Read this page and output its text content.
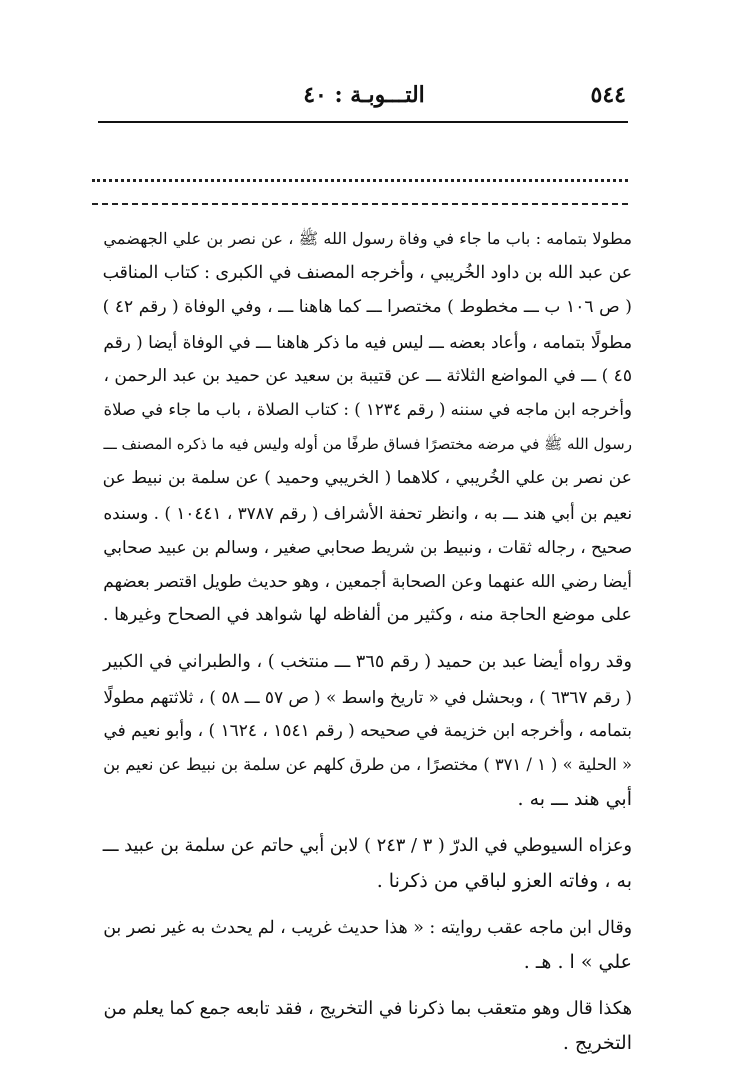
٥٤٤
التـــوبـة : ٤٠

مطولا بتمامه : باب ما جاء في وفاة رسول الله ﷺ ، عن نصر بن علي الجهضمي
عن عبد الله بن داود الخُريبي ، وأخرجه المصنف في الكبرى : كتاب المناقب
( ص ١٠٦ ب ـــ مخطوط ) مختصرا ـــ كما هاهنا ـــ ، وفي الوفاة ( رقم ٤٢ )
مطولًا بتمامه ، وأعاد بعضه ـــ ليس فيه ما ذكر هاهنا ـــ في الوفاة أيضا ( رقم
٤٥ ) ـــ في المواضع الثلاثة ـــ عن قتيبة بن سعيد عن حميد بن عبد الرحمن ،
وأخرجه ابن ماجه في سننه ( رقم ١٢٣٤ ) : كتاب الصلاة ، باب ما جاء في صلاة
رسول الله ﷺ في مرضه مختصرًا فساق طرفًا من أوله وليس فيه ما ذكره المصنف ـــ
عن نصر بن علي الخُريبي ، كلاهما ( الخريبي وحميد ) عن سلمة بن نبيط عن
نعيم بن أبي هند ـــ به ، وانظر تحفة الأشراف ( رقم ٣٧٨٧ ، ١٠٤٤١ ) . وسنده
صحيح ، رجاله ثقات ، ونبيط بن شريط صحابي صغير ، وسالم بن عبيد صحابي
أيضا رضي الله عنهما وعن الصحابة أجمعين ، وهو حديث طويل اقتصر بعضهم
على موضع الحاجة منه ، وكثير من ألفاظه لها شواهد في الصحاح وغيرها .

وقد رواه أيضا عبد بن حميد ( رقم ٣٦٥ ـــ منتخب ) ، والطبراني في الكبير
( رقم ٦٣٦٧ ) ، وبحشل في « تاريخ واسط » ( ص ٥٧ ـــ ٥٨ ) ، ثلاثتهم مطولًا
بتمامه ، وأخرجه ابن خزيمة في صحيحه ( رقم ١٥٤١ ، ١٦٢٤ ) ، وأبو نعيم في
« الحلية » ( ١ / ٣٧١ ) مختصرًا ، من طرق كلهم عن سلمة بن نبيط عن نعيم بن
أبي هند ـــ به .

وعزاه السيوطي في الدرّ ( ٣ / ٢٤٣ ) لابن أبي حاتم عن سلمة بن عبيد ـــ
به ، وفاته العزو لباقي من ذكرنا .

وقال ابن ماجه عقب روايته : « هذا حديث غريب ، لم يحدث به غير نصر بن
علي » ا . هـ .

هكذا قال وهو متعقب بما ذكرنا في التخريج ، فقد تابعه جمع كما يعلم من
التخريج .
